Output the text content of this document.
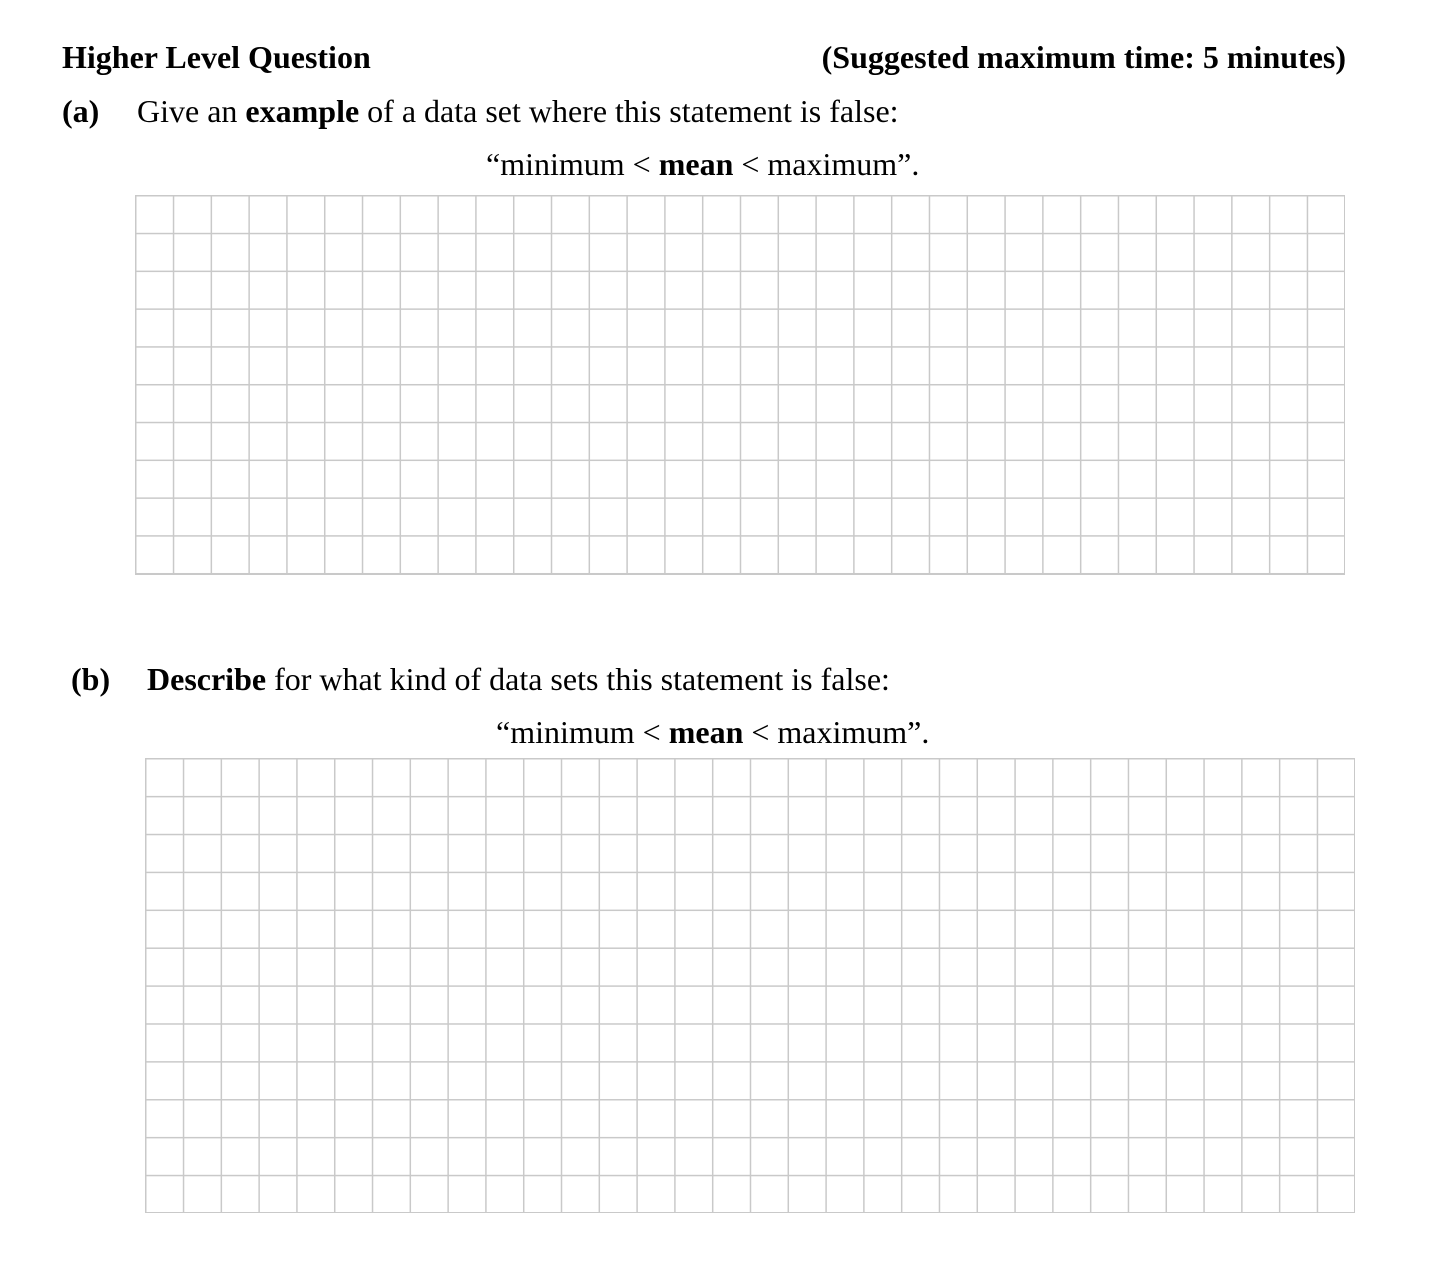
Higher Level Question	(Suggested maximum time: 5 minutes)
(a) Give an example of a data set where this statement is false:
“minimum < mean < maximum”.
(b) Describe for what kind of data sets this statement is false:
“minimum < mean < maximum”.
